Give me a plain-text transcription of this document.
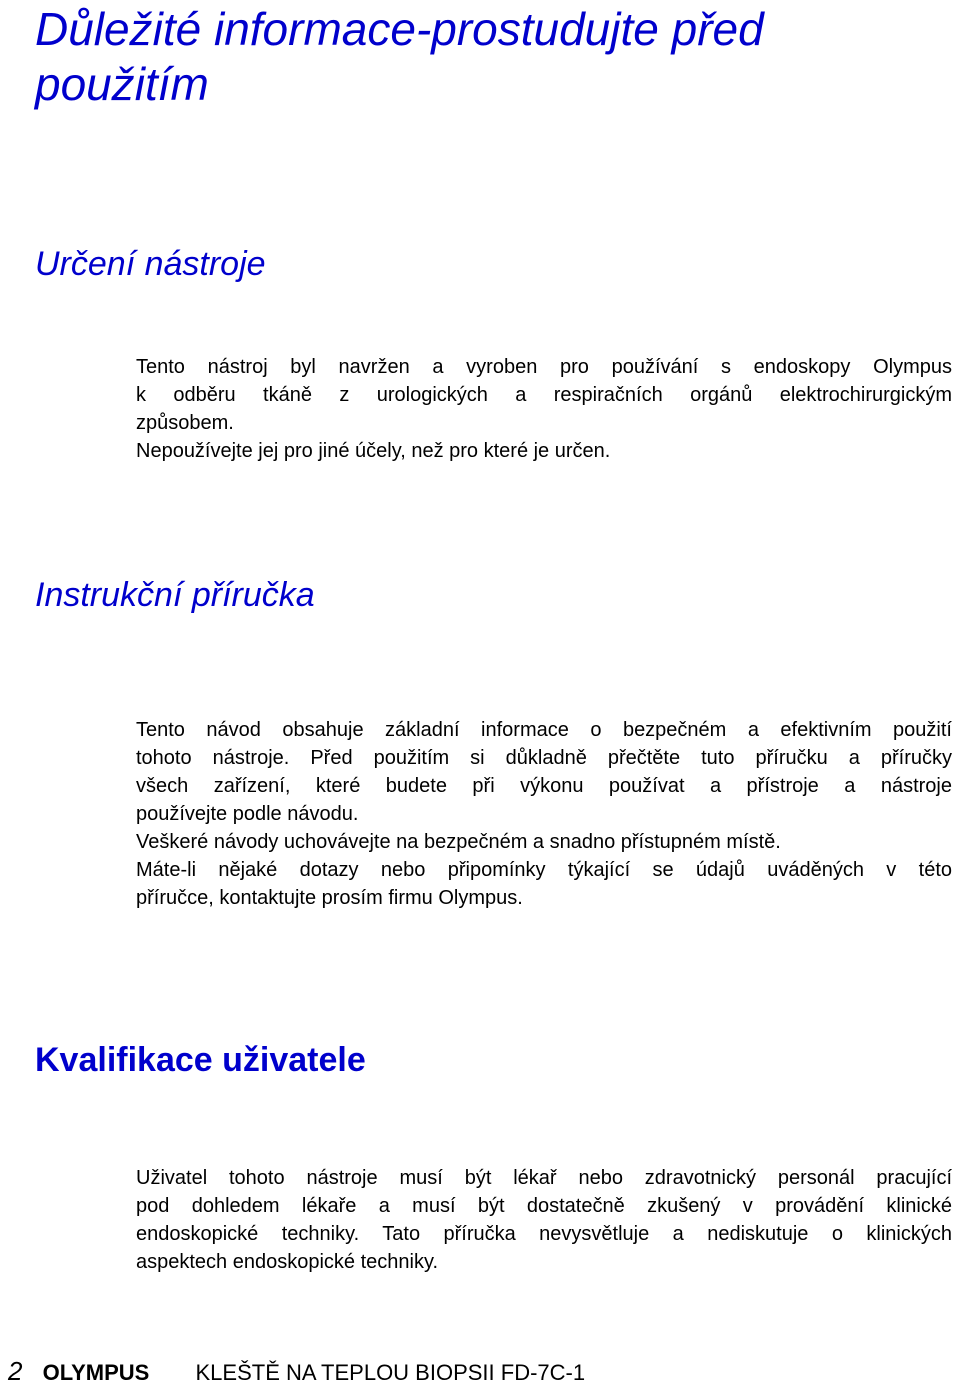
Důležité informace-prostudujte před
použitím
Určení nástroje
Tento nástroj byl navržen a vyroben pro používání s endoskopy Olympus
k odběru tkáně z urologických a respiračních orgánů elektrochirurgickým
způsobem.
Nepoužívejte jej pro jiné účely, než pro které je určen.
Instrukční příručka
Tento návod obsahuje základní informace o bezpečném a efektivním použití
tohoto nástroje. Před použitím si důkladně přečtěte tuto příručku a příručky
všech zařízení, které budete při výkonu používat a přístroje a nástroje
používejte podle návodu.
Veškeré návody uchovávejte na bezpečném a snadno přístupném místě.
Máte-li nějaké dotazy nebo připomínky týkající se údajů uváděných v této
příručce, kontaktujte prosím firmu Olympus.
Kvalifikace uživatele
Uživatel tohoto nástroje musí být lékař nebo zdravotnický personál pracující
pod dohledem lékaře a musí být dostatečně zkušený v provádění klinické
endoskopické techniky. Tato příručka nevysvětluje a nediskutuje o klinických
aspektech endoskopické techniky.
2 OLYMPUS KLEŠTĚ NA TEPLOU BIOPSII FD-7C-1
